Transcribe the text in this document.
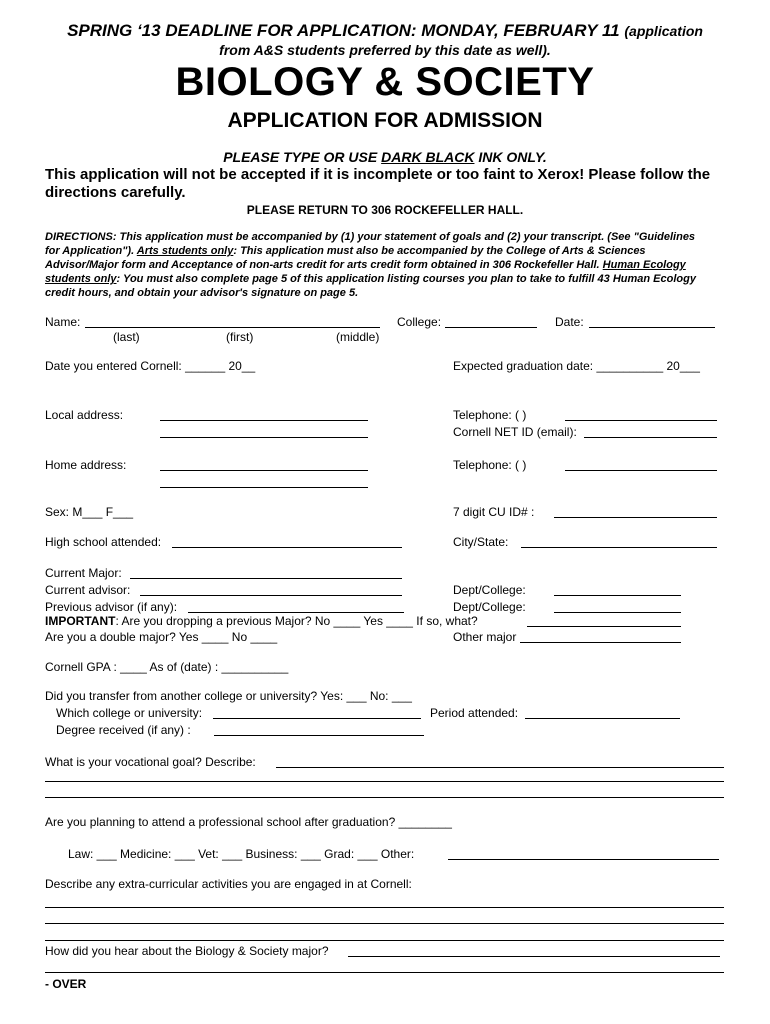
SPRING ‘13 DEADLINE FOR APPLICATION: MONDAY, FEBRUARY 11 (application
from A&S students preferred by this date as well).
BIOLOGY & SOCIETY
APPLICATION FOR ADMISSION
PLEASE TYPE OR USE DARK BLACK INK ONLY.
This application will not be accepted if it is incomplete or too faint to Xerox! Please follow the
directions carefully.
PLEASE RETURN TO 306 ROCKEFELLER HALL.
DIRECTIONS: This application must be accompanied by (1) your statement of goals and (2) your transcript. (See "Guidelines
for Application"). Arts students only: This application must also be accompanied by the College of Arts & Sciences
Advisor/Major form and Acceptance of non-arts credit for arts credit form obtained in 306 Rockefeller Hall. Human Ecology
students only: You must also complete page 5 of this application listing courses you plan to take to fulfill 43 Human Ecology
credit hours, and obtain your advisor's signature on page 5.
Name:	College:	Date:
(last)	(first)	(middle)
Date you entered Cornell: ______ 20__	Expected graduation date: __________ 20___
Local address:	Telephone: ( )
Cornell NET ID (email):
Home address:	Telephone: ( )
Sex: M___ F___	7 digit CU ID# :
High school attended:	City/State:
Current Major:
Current advisor:	Dept/College:
Previous advisor (if any):	Dept/College:
IMPORTANT: Are you dropping a previous Major? No ____ Yes ____ If so, what?
Are you a double major? Yes ____ No ____	Other major
Cornell GPA : ____ As of (date) : __________
Did you transfer from another college or university? Yes: ___ No: ___
Which college or university:	Period attended:
Degree received (if any) :
What is your vocational goal? Describe:
Are you planning to attend a professional school after graduation? ________
Law: ___ Medicine: ___ Vet: ___ Business: ___ Grad: ___ Other:
Describe any extra-curricular activities you are engaged in at Cornell:
How did you hear about the Biology & Society major?
- OVER
